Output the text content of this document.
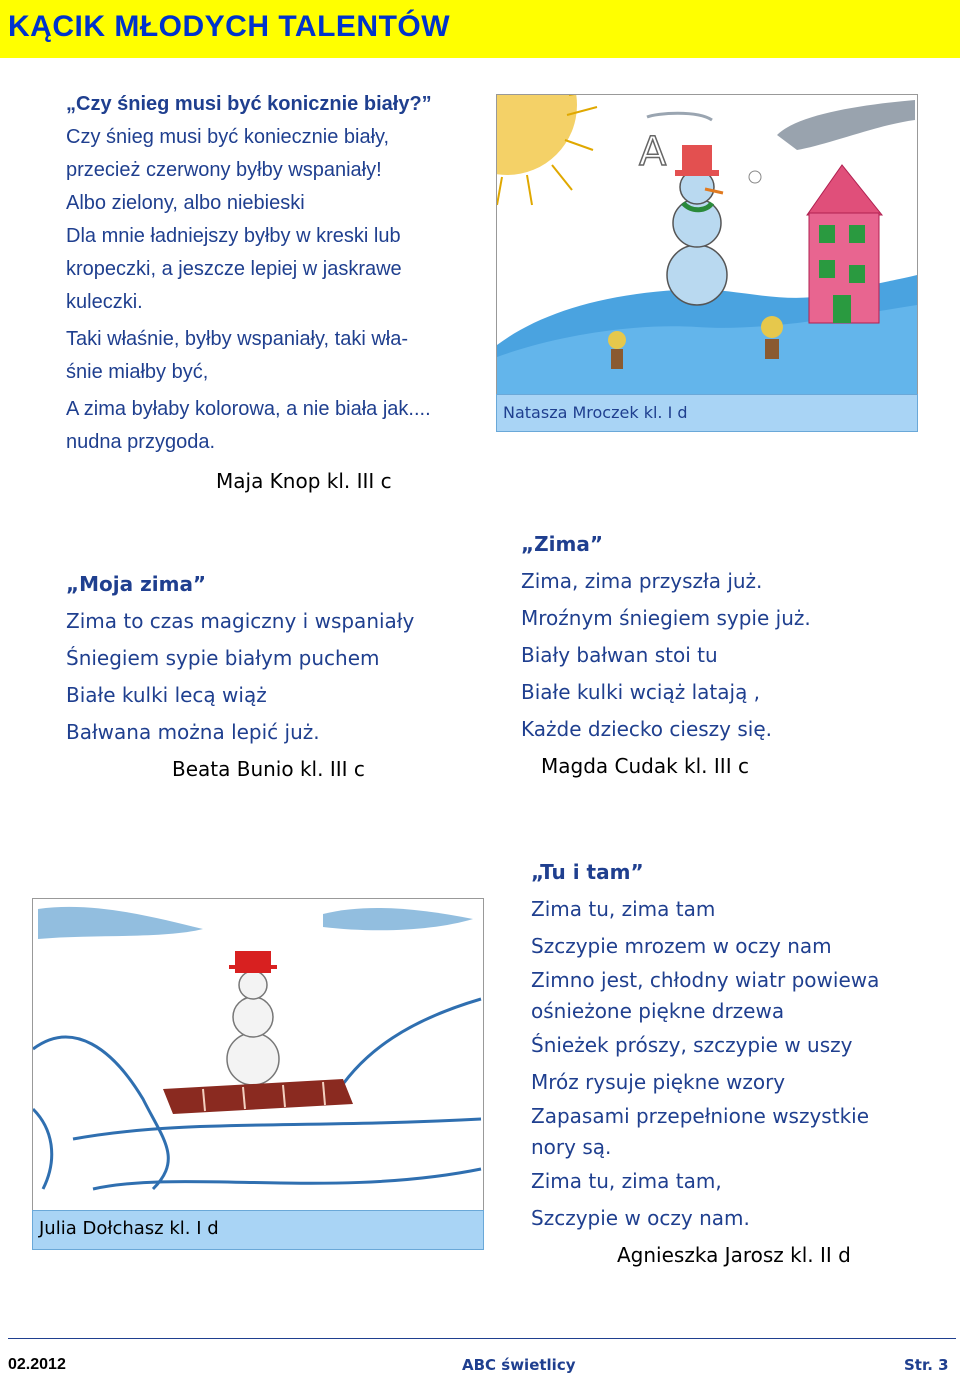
KĄCIK MŁODYCH TALENTÓW
„Czy śnieg musi być konicznie biały?”
Czy śnieg musi być koniecznie biały,
przecież czerwony byłby wspaniały!
Albo zielony, albo niebieski
Dla mnie ładniejszy byłby w kreski lub
kropeczki, a jeszcze lepiej w jaskrawe
kuleczki.
Taki właśnie, byłby wspaniały, taki wła-
śnie miałby być,
A zima byłaby kolorowa, a nie biała jak....
nudna przygoda.
Maja Knop kl. III c
A
Natasza Mroczek kl. I d
„Moja zima”
Zima to czas magiczny i wspaniały
Śniegiem sypie białym puchem
Białe kulki lecą wiąż
Bałwana można lepić już.
Beata Bunio kl. III c
„Zima”
Zima, zima przyszła już.
Mroźnym śniegiem sypie już.
Biały bałwan stoi tu
Białe kulki wciąż latają ,
Każde dziecko cieszy się.
Magda Cudak kl. III c
Julia Dołchasz kl. I d
„Tu i tam”
Zima tu, zima tam
Szczypie mrozem w oczy nam
Zimno jest, chłodny wiatr powiewa
ośnieżone piękne drzewa
Śnieżek prószy, szczypie w uszy
Mróz rysuje piękne wzory
Zapasami przepełnione wszystkie
nory są.
Zima tu, zima tam,
Szczypie w oczy nam.
Agnieszka Jarosz kl. II d
02.2012	ABC świetlicy	Str. 3
